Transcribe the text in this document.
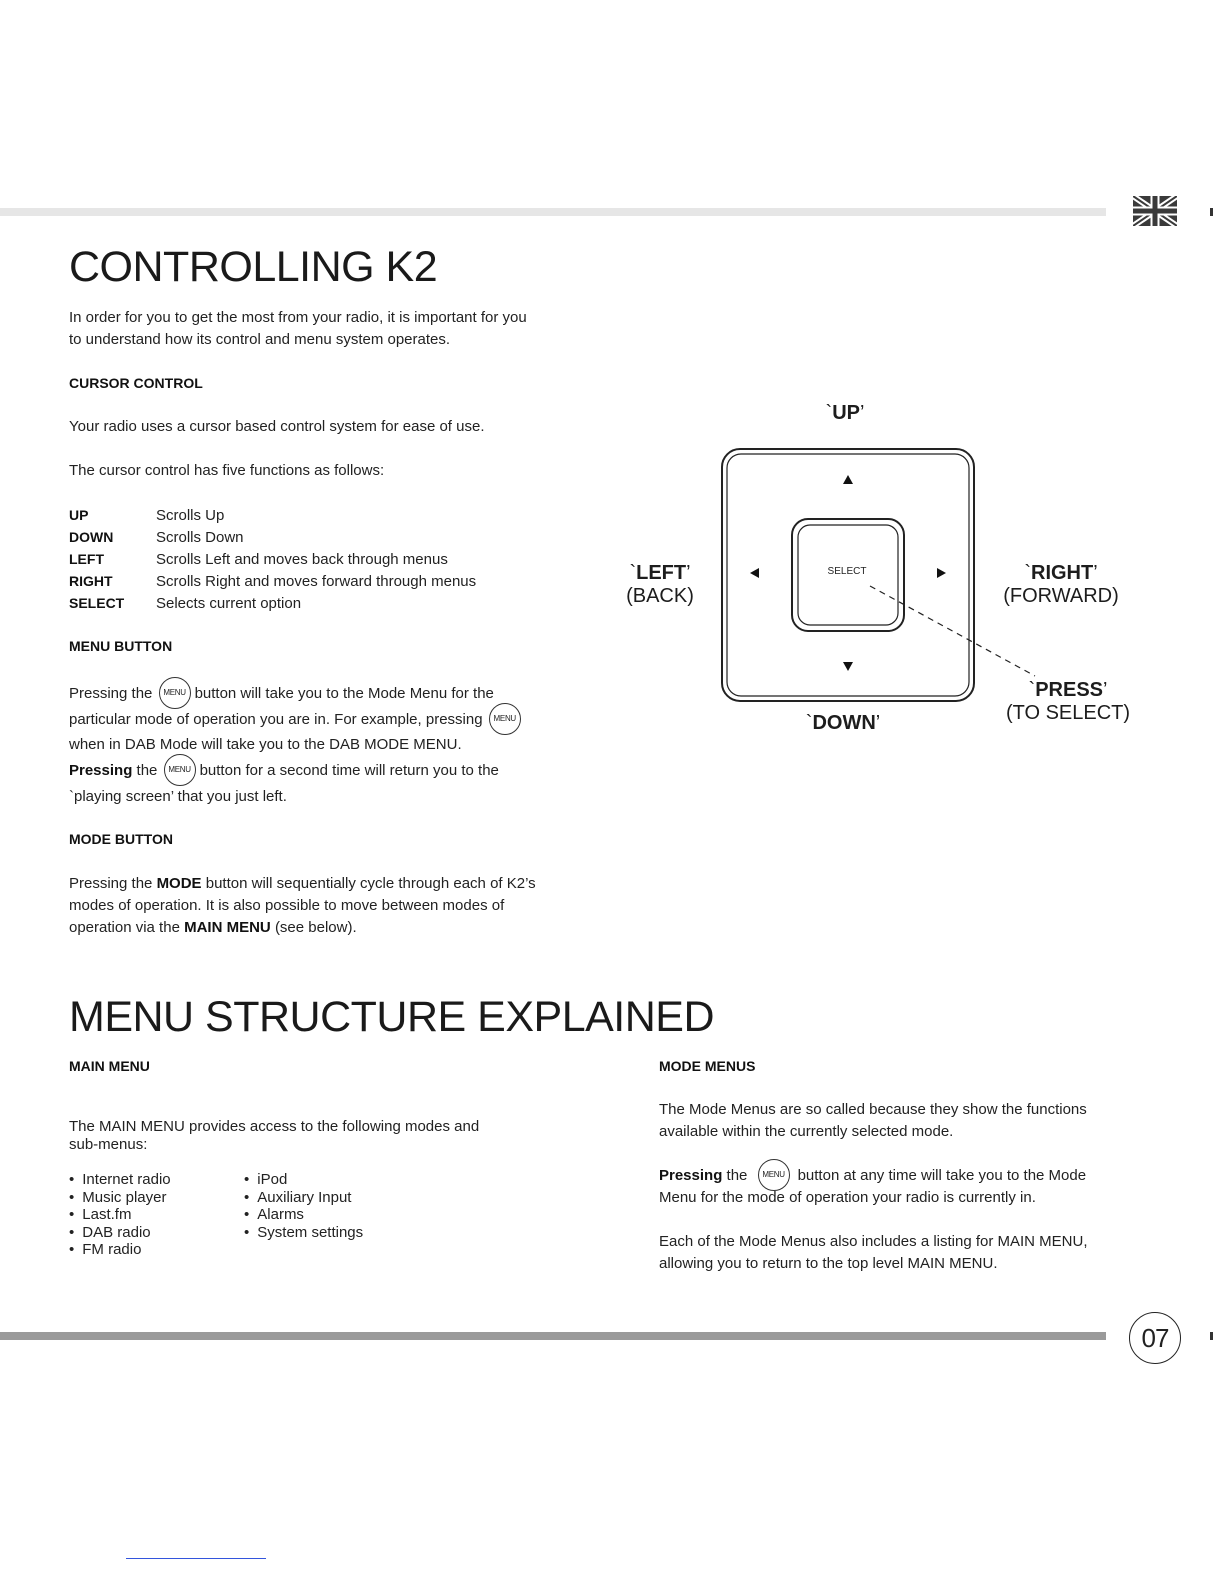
CONTROLLING K2
In order for you to get the most from your radio, it is important for you
to understand how its control and menu system operates.
CURSOR CONTROL
Your radio uses a cursor based control system for ease of use.
The cursor control has five functions as follows:
UP	Scrolls Up
DOWN	Scrolls Down
LEFT	Scrolls Left and moves back through menus
RIGHT	Scrolls Right and moves forward through menus
SELECT Selects current option
MENU BUTTON
Pressing the MENU button will take you to the Mode Menu for the
particular mode of operation you are in. For example, pressing MENU
when in DAB Mode will take you to the DAB MODE MENU.
Pressing the MENU button for a second time will return you to the
`playing screen’ that you just left.
MODE BUTTON
Pressing the MODE button will sequentially cycle through each of K2’s
modes of operation. It is also possible to move between modes of
operation via the MAIN MENU (see below).
`UP’
SELECT
`LEFT’
(BACK)
`RIGHT’
(FORWARD)
`PRESS’
(TO SELECT)
`DOWN’
MENU STRUCTURE EXPLAINED
MAIN MENU
The MAIN MENU provides access to the following modes and
sub-menus:
• Internet radio
• Music player
• Last.fm
• DAB radio
• FM radio
• iPod
• Auxiliary Input
• Alarms
• System settings
MODE MENUS
The Mode Menus are so called because they show the functions
available within the currently selected mode.
Pressing the MENU button at any time will take you to the Mode
Menu for the mode of operation your radio is currently in.
Each of the Mode Menus also includes a listing for MAIN MENU,
allowing you to return to the top level MAIN MENU.
07
